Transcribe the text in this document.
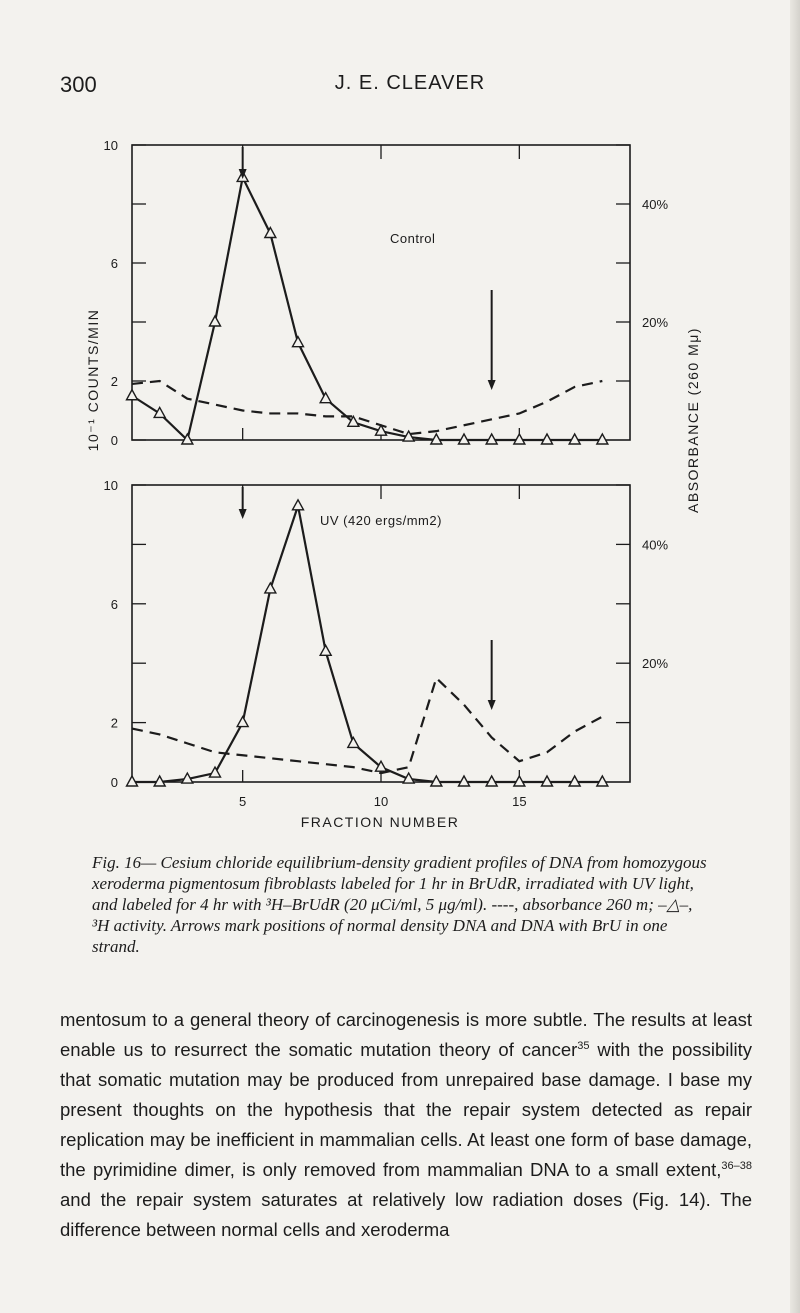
300	J. E. CLEAVER
10
6
2
0
40%
20%
Control
10
6
2
0
40%
20%
UV (420 ergs/mm2)
5	10	15
10⁻¹ COUNTS/MIN	ABSORBANCE (260 Mμ)
FRACTION NUMBER
Fig. 16— Cesium chloride equilibrium-density gradient profiles of DNA from homozygous xeroderma pigmentosum fibroblasts labeled for 1 hr in BrUdR, irradiated with UV light, and labeled for 4 hr with ³H–BrUdR (20 μCi/ml, 5 μg/ml). ----, absorbance 260 m; –△–, ³H activity. Arrows mark positions of normal density DNA and DNA with BrU in one strand.

mentosum to a general theory of carcinogenesis is more subtle. The results at least enable us to resurrect the somatic mutation theory of cancer$^{35}$ with the possibility that somatic mutation may be produced from unrepaired base damage. I base my present thoughts on the hypothesis that the repair system detected as repair replication may be inefficient in mammalian cells. At least one form of base damage, the pyrimidine dimer, is only removed from mammalian DNA to a small extent,$^{36-38}$ and the repair system saturates at relatively low radiation doses (Fig. 14). The difference between normal cells and xeroderma
